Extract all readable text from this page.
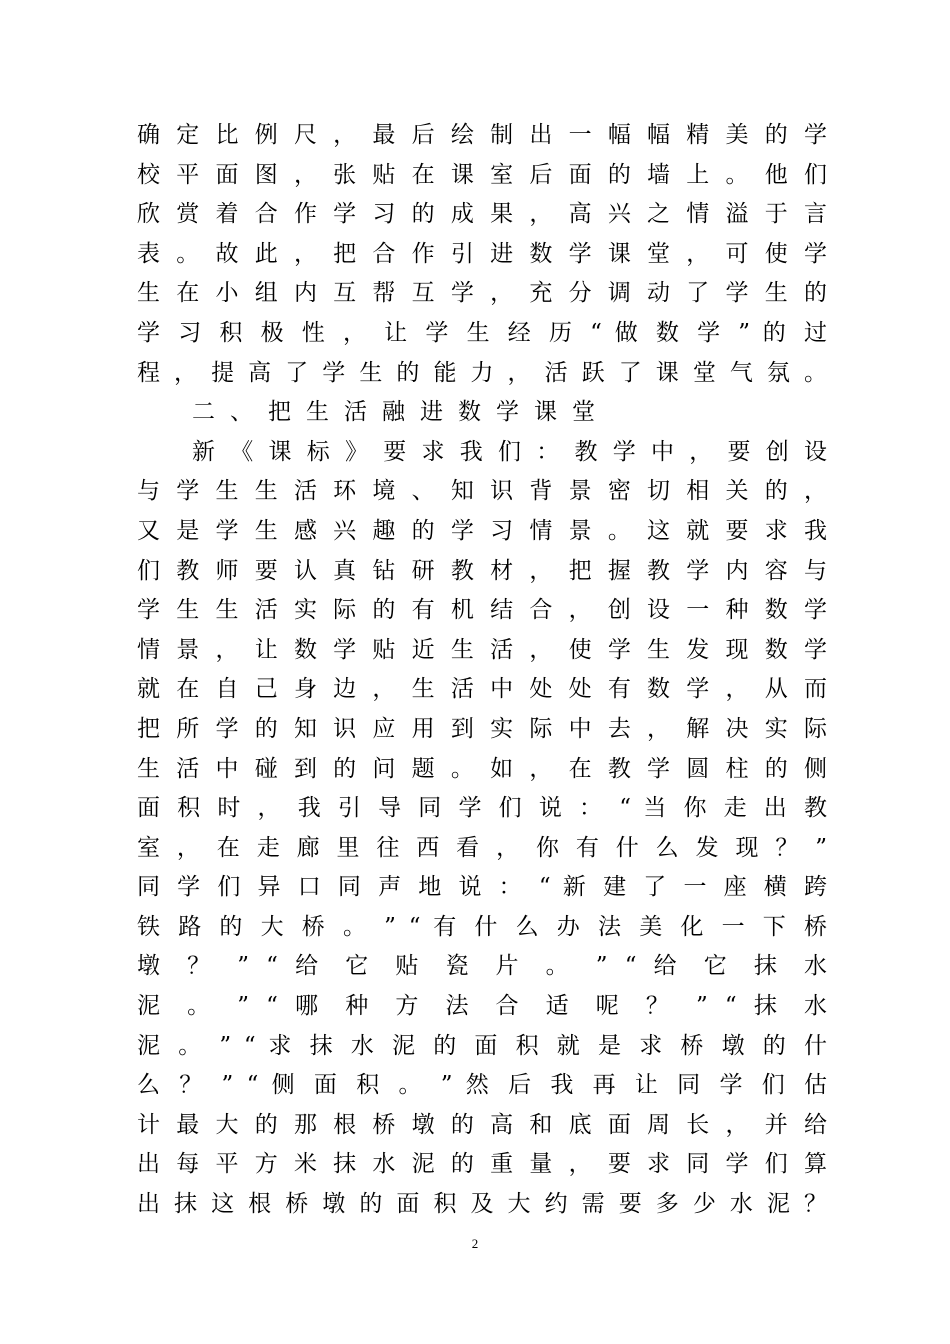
确 定 比 例 尺 ， 最 后 绘 制 出 一 幅 幅 精 美 的 学
校 平 面 图 ， 张 贴 在 课 室 后 面 的 墙 上 。 他 们
欣 赏 着 合 作 学 习 的 成 果 ， 高 兴 之 情 溢 于 言
表 。 故 此 ， 把 合 作 引 进 数 学 课 堂 ， 可 使 学
生 在 小 组 内 互 帮 互 学 ， 充 分 调 动 了 学 生 的
学 习 积 极 性 ， 让 学 生 经 历 “ 做 数 学 ” 的 过
程 ， 提 高 了 学 生 的 能 力 ， 活 跃 了 课 堂 气 氛 。
二、把生活融进数学课堂
新 《 课 标 》 要 求 我 们 ： 教 学 中 ， 要 创 设
与 学 生 生 活 环 境 、 知 识 背 景 密 切 相 关 的 ，
又 是 学 生 感 兴 趣 的 学 习 情 景 。 这 就 要 求 我
们 教 师 要 认 真 钻 研 教 材 ， 把 握 教 学 内 容 与
学 生 生 活 实 际 的 有 机 结 合 ， 创 设 一 种 数 学
情 景 ， 让 数 学 贴 近 生 活 ， 使 学 生 发 现 数 学
就 在 自 己 身 边 ， 生 活 中 处 处 有 数 学 ， 从 而
把 所 学 的 知 识 应 用 到 实 际 中 去 ， 解 决 实 际
生 活 中 碰 到 的 问 题 。 如 ， 在 教 学 圆 柱 的 侧
面 积 时 ， 我 引 导 同 学 们 说 ： “ 当 你 走 出 教
室 ， 在 走 廊 里 往 西 看 ， 你 有 什 么 发 现 ？ ”
同 学 们 异 口 同 声 地 说 ： “ 新 建 了 一 座 横 跨
铁 路 的 大 桥 。 ” “ 有 什 么 办 法 美 化 一 下 桥
墩 ？ ” “ 给 它 贴 瓷 片 。 ” “ 给 它 抹 水
泥 。 ” “ 哪 种 方 法 合 适 呢 ？ ” “ 抹 水
泥 。 ” “ 求 抹 水 泥 的 面 积 就 是 求 桥 墩 的 什
么 ？ ” “ 侧 面 积 。 ” 然 后 我 再 让 同 学 们 估
计 最 大 的 那 根 桥 墩 的 高 和 底 面 周 长 ， 并 给
出 每 平 方 米 抹 水 泥 的 重 量 ， 要 求 同 学 们 算
出 抹 这 根 桥 墩 的 面 积 及 大 约 需 要 多 少 水 泥 ？
2
